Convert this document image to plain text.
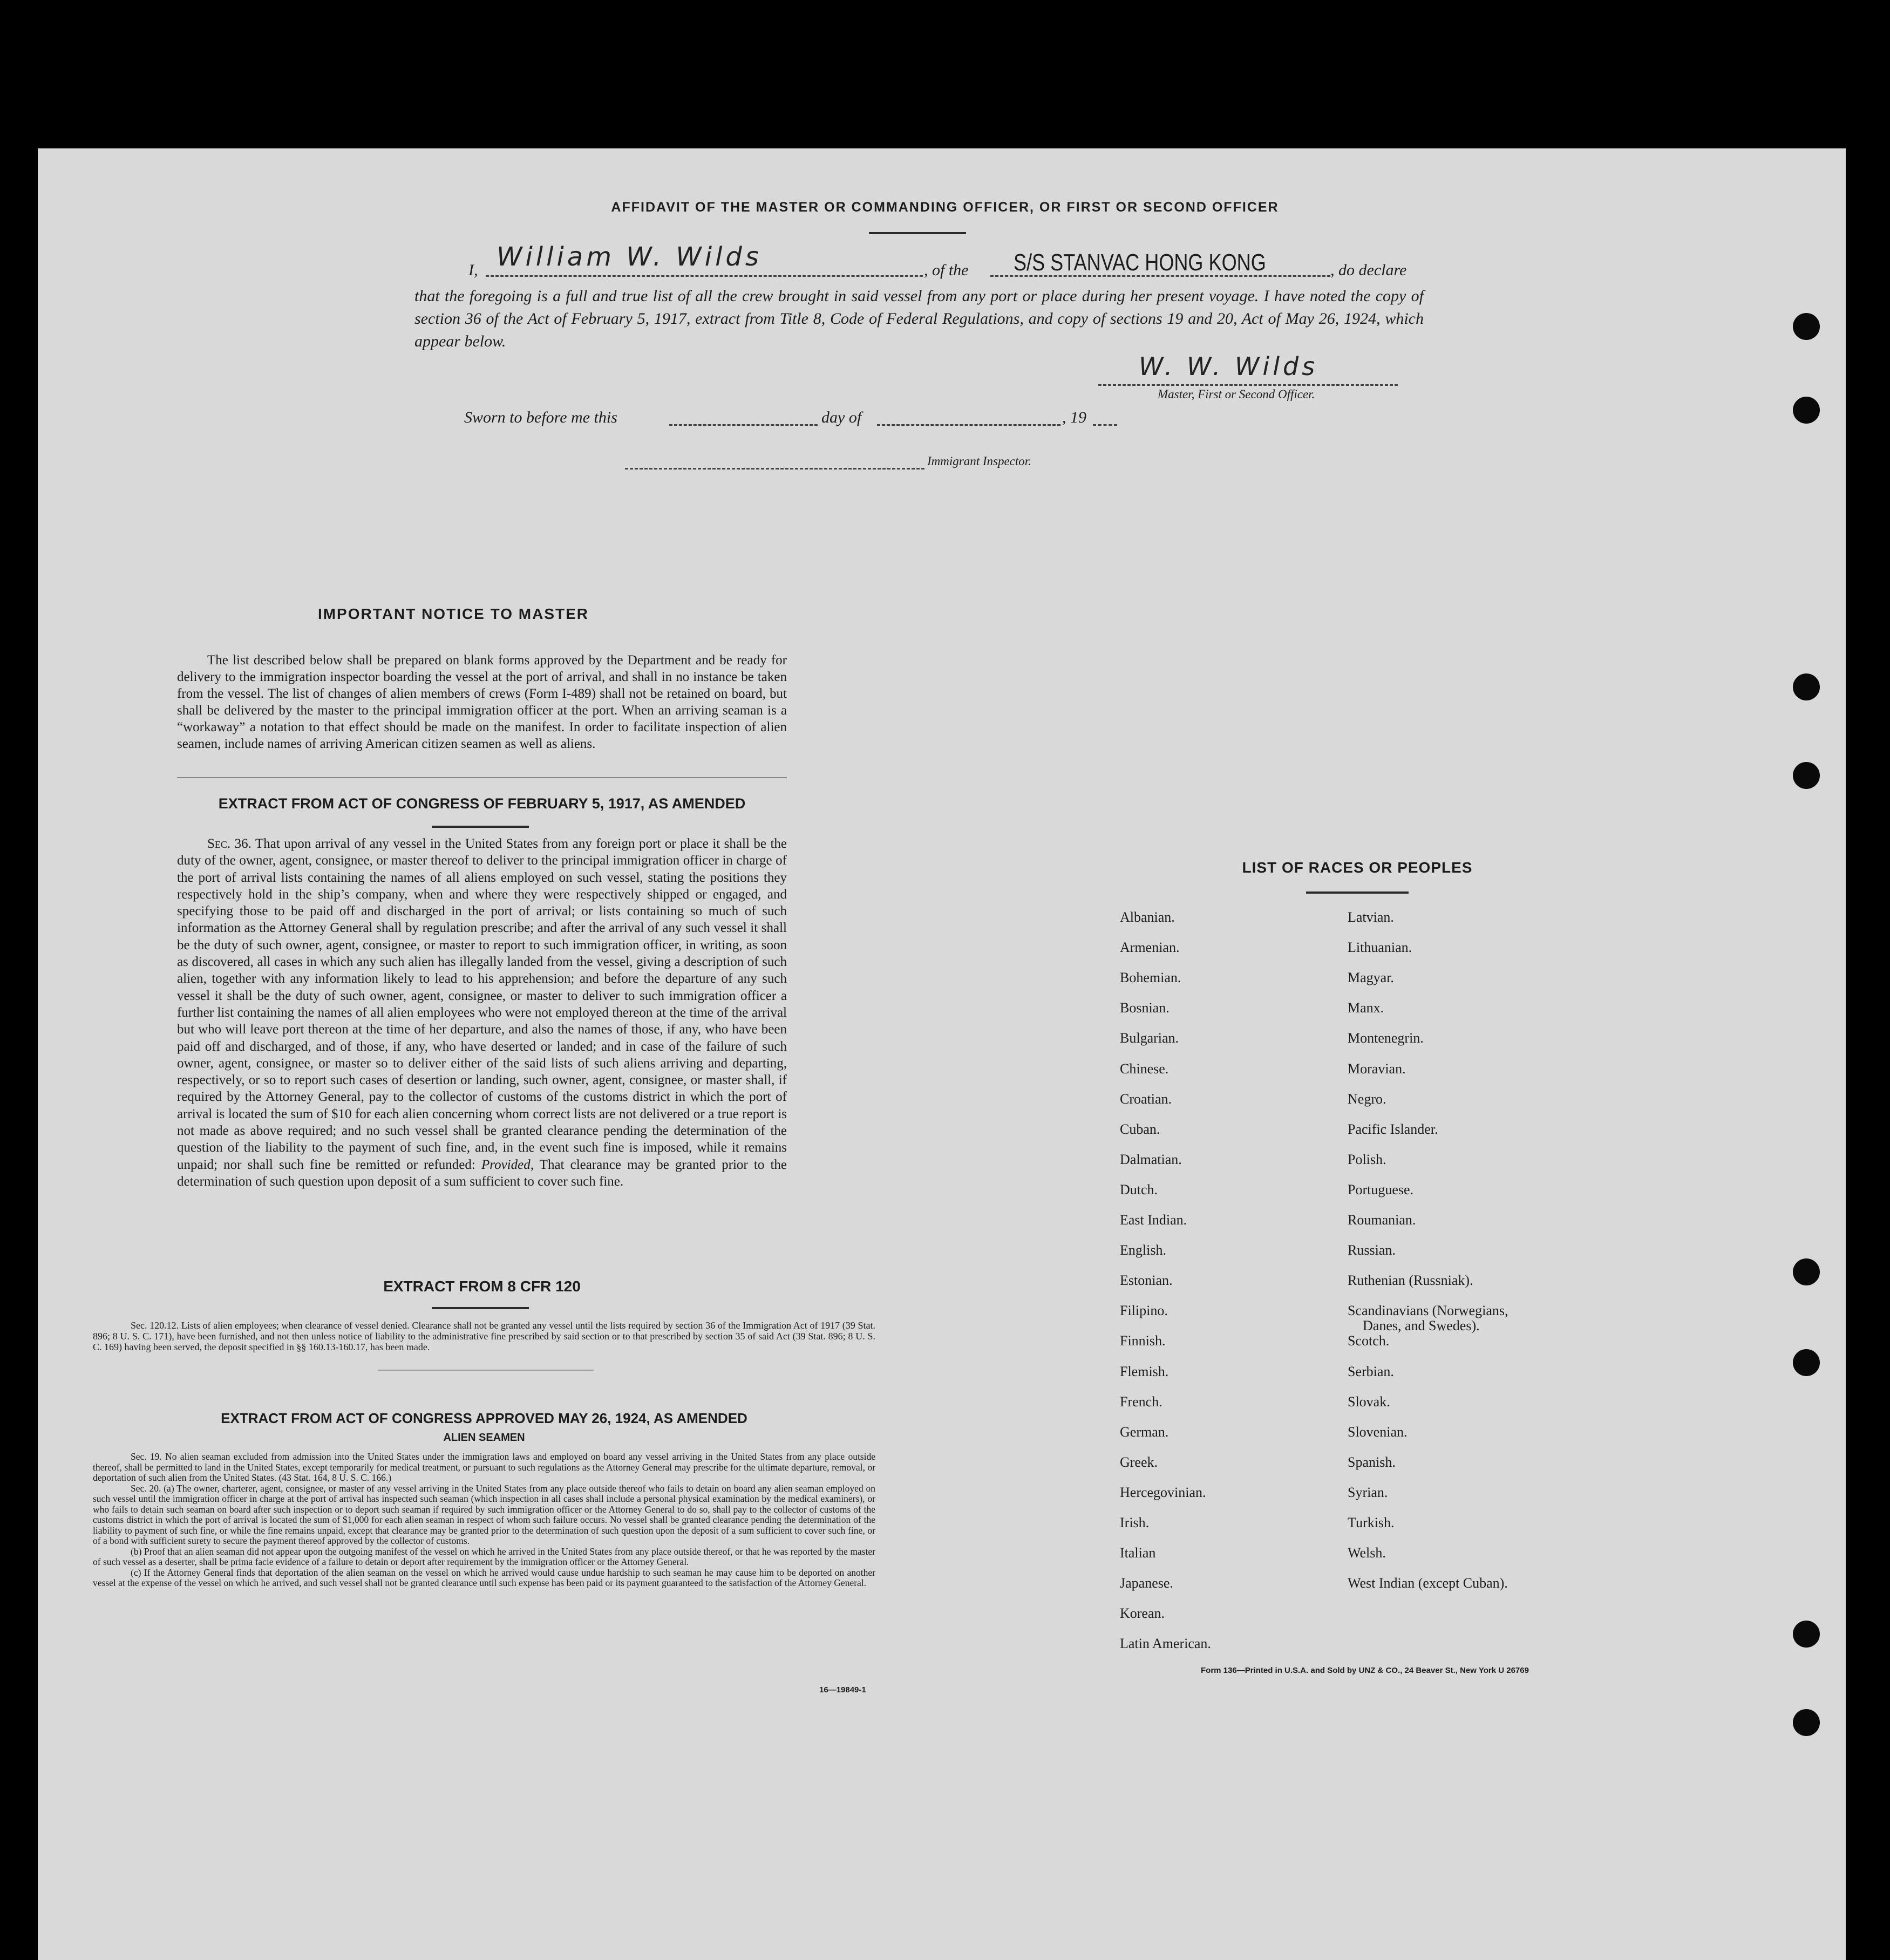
AFFIDAVIT OF THE MASTER OR COMMANDING OFFICER, OR FIRST OR SECOND OFFICER
I, William W. Wilds	, of the S/S STANVAC HONG KONG	, do declare
that the foregoing is a full and true list of all the crew brought in said vessel from any port or place during her present voyage. I have noted the copy of section 36 of the Act of February 5, 1917, extract from Title 8, Code of Federal Regulations, and copy of sections 19 and 20, Act of May 26, 1924, which appear below.
W. W. Wilds
Master, First or Second Officer.
Sworn to before me this	day of	, 19
Immigrant Inspector.
IMPORTANT NOTICE TO MASTER
The list described below shall be prepared on blank forms approved by the Department and be ready for delivery to the immigration inspector boarding the vessel at the port of arrival, and shall in no instance be taken from the vessel. The list of changes of alien members of crews (Form I-489) shall not be retained on board, but shall be delivered by the master to the principal immigration officer at the port. When an arriving seaman is a “workaway” a notation to that effect should be made on the manifest. In order to facilitate inspection of alien seamen, include names of arriving American citizen seamen as well as aliens.
EXTRACT FROM ACT OF CONGRESS OF FEBRUARY 5, 1917, AS AMENDED
Sec. 36. That upon arrival of any vessel in the United States from any foreign port or place it shall be the duty of the owner, agent, consignee, or master thereof to deliver to the principal immigration officer in charge of the port of arrival lists containing the names of all aliens employed on such vessel, stating the positions they respectively hold in the ship’s company, when and where they were respectively shipped or engaged, and specifying those to be paid off and discharged in the port of arrival; or lists containing so much of such information as the Attorney General shall by regulation prescribe; and after the arrival of any such vessel it shall be the duty of such owner, agent, consignee, or master to report to such immigration officer, in writing, as soon as discovered, all cases in which any such alien has illegally landed from the vessel, giving a description of such alien, together with any information likely to lead to his apprehension; and before the departure of any such vessel it shall be the duty of such owner, agent, consignee, or master to deliver to such immigration officer a further list containing the names of all alien employees who were not employed thereon at the time of the arrival but who will leave port thereon at the time of her departure, and also the names of those, if any, who have been paid off and discharged, and of those, if any, who have deserted or landed; and in case of the failure of such owner, agent, consignee, or master so to deliver either of the said lists of such aliens arriving and departing, respectively, or so to report such cases of desertion or landing, such owner, agent, consignee, or master shall, if required by the Attorney General, pay to the collector of customs of the customs district in which the port of arrival is located the sum of $10 for each alien concerning whom correct lists are not delivered or a true report is not made as above required; and no such vessel shall be granted clearance pending the determination of the question of the liability to the payment of such fine, and, in the event such fine is imposed, while it remains unpaid; nor shall such fine be remitted or refunded: Provided, That clearance may be granted prior to the determination of such question upon deposit of a sum sufficient to cover such fine.
EXTRACT FROM 8 CFR 120
Sec. 120.12. Lists of alien employees; when clearance of vessel denied. Clearance shall not be granted any vessel until the lists required by section 36 of the Immigration Act of 1917 (39 Stat. 896; 8 U. S. C. 171), have been furnished, and not then unless notice of liability to the administrative fine prescribed by said section or to that prescribed by section 35 of said Act (39 Stat. 896; 8 U. S. C. 169) having been served, the deposit specified in §§ 160.13-160.17, has been made.
EXTRACT FROM ACT OF CONGRESS APPROVED MAY 26, 1924, AS AMENDED
ALIEN SEAMEN
Sec. 19. No alien seaman excluded from admission into the United States under the immigration laws and employed on board any vessel arriving in the United States from any place outside thereof, shall be permitted to land in the United States, except temporarily for medical treatment, or pursuant to such regulations as the Attorney General may prescribe for the ultimate departure, removal, or deportation of such alien from the United States. (43 Stat. 164, 8 U. S. C. 166.)
Sec. 20. (a) The owner, charterer, agent, consignee, or master of any vessel arriving in the United States from any place outside thereof who fails to detain on board any alien seaman employed on such vessel until the immigration officer in charge at the port of arrival has inspected such seaman (which inspection in all cases shall include a personal physical examination by the medical examiners), or who fails to detain such seaman on board after such inspection or to deport such seaman if required by such immigration officer or the Attorney General to do so, shall pay to the collector of customs of the customs district in which the port of arrival is located the sum of $1,000 for each alien seaman in respect of whom such failure occurs. No vessel shall be granted clearance pending the determination of the liability to payment of such fine, or while the fine remains unpaid, except that clearance may be granted prior to the determination of such question upon the deposit of a sum sufficient to cover such fine, or of a bond with sufficient surety to secure the payment thereof approved by the collector of customs.
(b) Proof that an alien seaman did not appear upon the outgoing manifest of the vessel on which he arrived in the United States from any place outside thereof, or that he was reported by the master of such vessel as a deserter, shall be prima facie evidence of a failure to detain or deport after requirement by the immigration officer or the Attorney General.
(c) If the Attorney General finds that deportation of the alien seaman on the vessel on which he arrived would cause undue hardship to such seaman he may cause him to be deported on another vessel at the expense of the vessel on which he arrived, and such vessel shall not be granted clearance until such expense has been paid or its payment guaranteed to the satisfaction of the Attorney General.
16—19849-1
LIST OF RACES OR PEOPLES
Albanian.
Armenian.
Bohemian.
Bosnian.
Bulgarian.
Chinese.
Croatian.
Cuban.
Dalmatian.
Dutch.
East Indian.
English.
Estonian.
Filipino.
Finnish.
Flemish.
French.
German.
Greek.
Hercegovinian.
Irish.
Italian
Japanese.
Korean.
Latin American.
Latvian.
Lithuanian.
Magyar.
Manx.
Montenegrin.
Moravian.
Negro.
Pacific Islander.
Polish.
Portuguese.
Roumanian.
Russian.
Ruthenian (Russniak).
Scandinavians (Norwegians,
Danes, and Swedes).
Scotch.
Serbian.
Slovak.
Slovenian.
Spanish.
Syrian.
Turkish.
Welsh.
West Indian (except Cuban).
Form 136—Printed in U.S.A. and Sold by UNZ & CO., 24 Beaver St., New York U 26769
